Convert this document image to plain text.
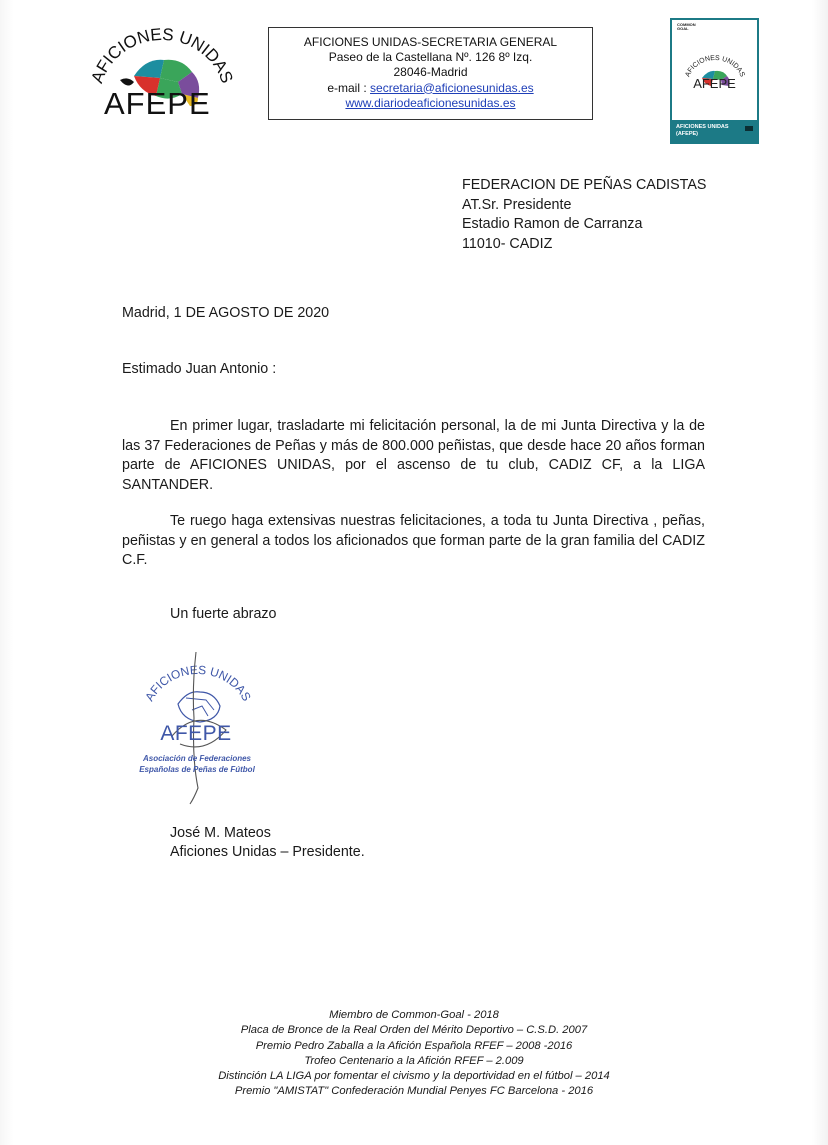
AFICIONES UNIDAS
AFEPE
AFICIONES UNIDAS-SECRETARIA GENERAL
Paseo de la Castellana Nº. 126 8º Izq.
28046-Madrid
e-mail : secretaria@aficionesunidas.es
www.diariodeaficionesunidas.es
COMMON
GOAL
AFICIONES UNIDAS
AFEPE
AFICIONES UNIDAS
(AFEPE)
FEDERACION DE PEÑAS CADISTAS
AT.Sr. Presidente
Estadio Ramon de Carranza
11010- CADIZ
Madrid, 1 DE AGOSTO DE 2020
Estimado Juan Antonio :

En primer lugar, trasladarte mi felicitación personal, la de mi Junta Directiva y la de las 37 Federaciones de Peñas y más de 800.000 peñistas, que desde hace 20 años forman parte de AFICIONES UNIDAS, por el ascenso de tu club, CADIZ CF, a la LIGA SANTANDER.

Te ruego haga extensivas nuestras felicitaciones, a toda tu Junta Directiva , peñas, peñistas y en general a todos los aficionados que forman parte de la gran familia del CADIZ C.F.

Un fuerte abrazo
AFICIONES UNIDAS
AFEPE
Asociación de Federaciones
Españolas de Peñas de Fútbol
José M. Mateos
Aficiones Unidas – Presidente.
Miembro de Common-Goal - 2018
Placa de Bronce de la Real Orden del Mérito Deportivo – C.S.D. 2007
Premio Pedro Zaballa a la Afición Española RFEF – 2008 -2016
Trofeo Centenario a la Afición RFEF – 2.009
Distinción LA LIGA por fomentar el civismo y la deportividad en el fútbol – 2014
Premio "AMISTAT" Confederación Mundial Penyes FC Barcelona - 2016
